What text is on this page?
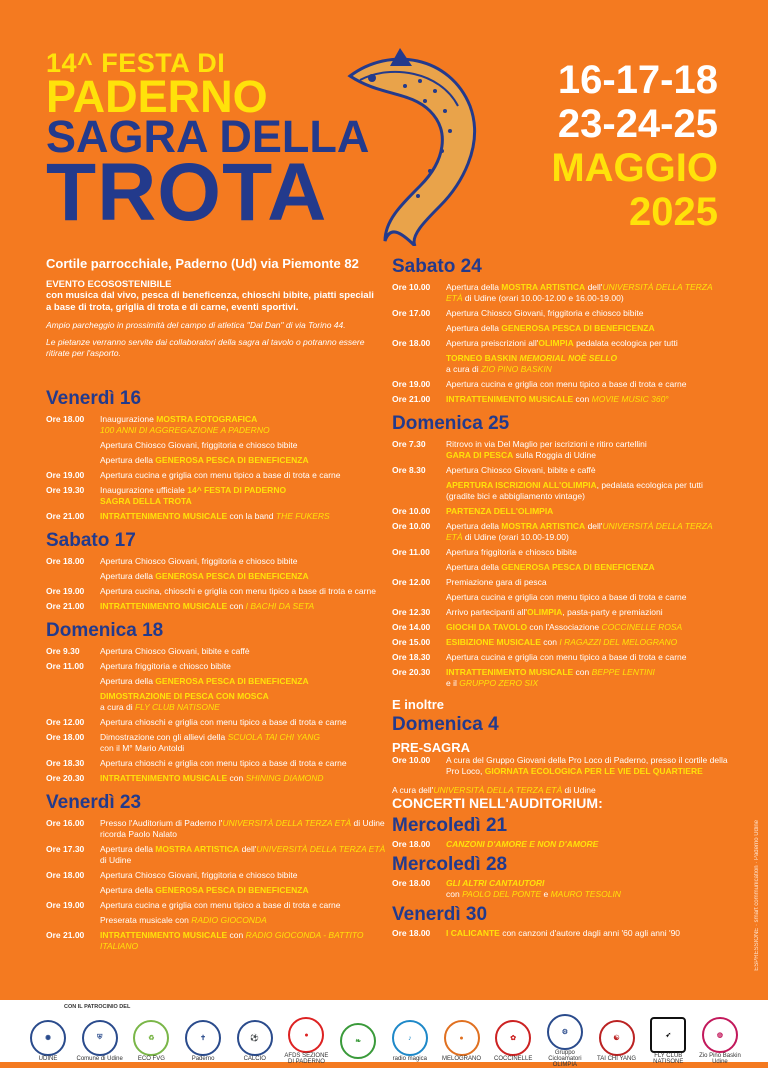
14^ FESTA DI
PADERNO
SAGRA DELLA
TROTA
16-17-18
23-24-25
MAGGIO
2025
Cortile parrocchiale, Paderno (Ud) via Piemonte 82
EVENTO ECOSOSTENIBILE
con musica dal vivo, pesca di beneficenza, chioschi bibite, piatti speciali a base di trota, griglia di trota e di carne, eventi sportivi.
Ampio parcheggio in prossimità del campo di atletica "Dal Dan" di via Torino 44.
Le pietanze verranno servite dai collaboratori della sagra al tavolo o potranno essere ritirate per l'asporto.
Venerdì 16
Ore 18.00	Inaugurazione MOSTRA FOTOGRAFICA
100 ANNI DI AGGREGAZIONE A PADERNO
Apertura Chiosco Giovani, friggitoria e chiosco bibite
Apertura della GENEROSA PESCA DI BENEFICENZA
Ore 19.00	Apertura cucina e griglia con menu tipico a base di trota e carne
Ore 19.30	Inaugurazione ufficiale 14^ FESTA DI PADERNO
SAGRA DELLA TROTA
Ore 21.00	INTRATTENIMENTO MUSICALE con la band THE FUKERS
Sabato 17
Ore 18.00	Apertura Chiosco Giovani, friggitoria e chiosco bibite
Apertura della GENEROSA PESCA DI BENEFICENZA
Ore 19.00	Apertura cucina, chioschi e griglia con menu tipico a base di trota e carne
Ore 21.00	INTRATTENIMENTO MUSICALE con I BACHI DA SETA
Domenica 18
Ore 9.30	Apertura Chiosco Giovani, bibite e caffè
Ore 11.00	Apertura friggitoria e chiosco bibite
Apertura della GENEROSA PESCA DI BENEFICENZA
DIMOSTRAZIONE DI PESCA CON MOSCA
a cura di FLY CLUB NATISONE
Ore 12.00	Apertura chioschi e griglia con menu tipico a base di trota e carne
Ore 18.00	Dimostrazione con gli allievi della SCUOLA TAI CHI YANG
con il M° Mario Antoldi
Ore 18.30	Apertura chioschi e griglia con menu tipico a base di trota e carne
Ore 20.30	INTRATTENIMENTO MUSICALE con SHINING DIAMOND
Venerdì 23
Ore 16.00	Presso l'Auditorium di Paderno l'UNIVERSITÀ DELLA TERZA ETÀ di Udine ricorda Paolo Nalato
Ore 17.30	Apertura della MOSTRA ARTISTICA dell'UNIVERSITÀ DELLA TERZA ETÀ di Udine
Ore 18.00	Apertura Chiosco Giovani, friggitoria e chiosco bibite
Apertura della GENEROSA PESCA DI BENEFICENZA
Ore 19.00	Apertura cucina e griglia con menu tipico a base di trota e carne
Preserata musicale con RADIO GIOCONDA
Ore 21.00	INTRATTENIMENTO MUSICALE con RADIO GIOCONDA - BATTITO ITALIANO
Sabato 24
Ore 10.00	Apertura della MOSTRA ARTISTICA dell'UNIVERSITÀ DELLA TERZA ETÀ di Udine (orari 10.00-12.00 e 16.00-19.00)
Ore 17.00	Apertura Chiosco Giovani, friggitoria e chiosco bibite
Apertura della GENEROSA PESCA DI BENEFICENZA
Ore 18.00	Apertura preiscrizioni all'OLIMPIA pedalata ecologica per tutti
TORNEO BASKIN MEMORIAL NOÈ SELLO
a cura di ZIO PINO BASKIN
Ore 19.00	Apertura cucina e griglia con menu tipico a base di trota e carne
Ore 21.00	INTRATTENIMENTO MUSICALE con MOVIE MUSIC 360°
Domenica 25
Ore 7.30	Ritrovo in via Del Maglio per iscrizioni e ritiro cartellini
GARA DI PESCA sulla Roggia di Udine
Ore 8.30	Apertura Chiosco Giovani, bibite e caffè
APERTURA ISCRIZIONI ALL'OLIMPIA, pedalata ecologica per tutti (gradite bici e abbigliamento vintage)
Ore 10.00	PARTENZA DELL'OLIMPIA
Ore 10.00	Apertura della MOSTRA ARTISTICA dell'UNIVERSITÀ DELLA TERZA ETÀ di Udine (orari 10.00-19.00)
Ore 11.00	Apertura friggitoria e chiosco bibite
Apertura della GENEROSA PESCA DI BENEFICENZA
Ore 12.00	Premiazione gara di pesca
Apertura cucina e griglia con menu tipico a base di trota e carne
Ore 12.30	Arrivo partecipanti all'OLIMPIA, pasta-party e premiazioni
Ore 14.00	GIOCHI DA TAVOLO con l'Associazione COCCINELLE ROSA
Ore 15.00	ESIBIZIONE MUSICALE con I RAGAZZI DEL MELOGRANO
Ore 18.30	Apertura cucina e griglia con menu tipico a base di trota e carne
Ore 20.30	INTRATTENIMENTO MUSICALE con BEPPE LENTINI
e il GRUPPO ZERO SIX
E inoltre
Domenica 4
PRE-SAGRA
Ore 10.00	A cura del Gruppo Giovani della Pro Loco di Paderno, presso il cortile della Pro Loco, GIORNATA ECOLOGICA PER LE VIE DEL QUARTIERE
A cura dell'UNIVERSITÀ DELLA TERZA ETÀ di Udine
CONCERTI NELL'AUDITORIUM:
Mercoledì 21
Ore 18.00	CANZONI D'AMORE E NON D'AMORE
Mercoledì 28
Ore 18.00	GLI ALTRI CANTAUTORI
con PAOLO DEL PONTE e MAURO TESOLIN
Venerdì 30
Ore 18.00	I CALICANTE con canzoni d'autore dagli anni '60 agli anni '90	ESPRESSIONE · smart communication · Paderno Udine
CON IL PATROCINIO DEL
✺
UDINE
⛨
Comune di Udine
♻
ECO FVG
✝
Paderno
⚽
CALCIO
●
AFDS SEZIONE DI PADERNO
❧	♪
radio magica
●
MELOGRANO
✿
COCCINELLE
⚙
Gruppo Cicloamatori OLIMPIA
☯
TAI CHI YANG
➶
FLY CLUB NATISONE
◍
Zio Pino Baskin Udine
